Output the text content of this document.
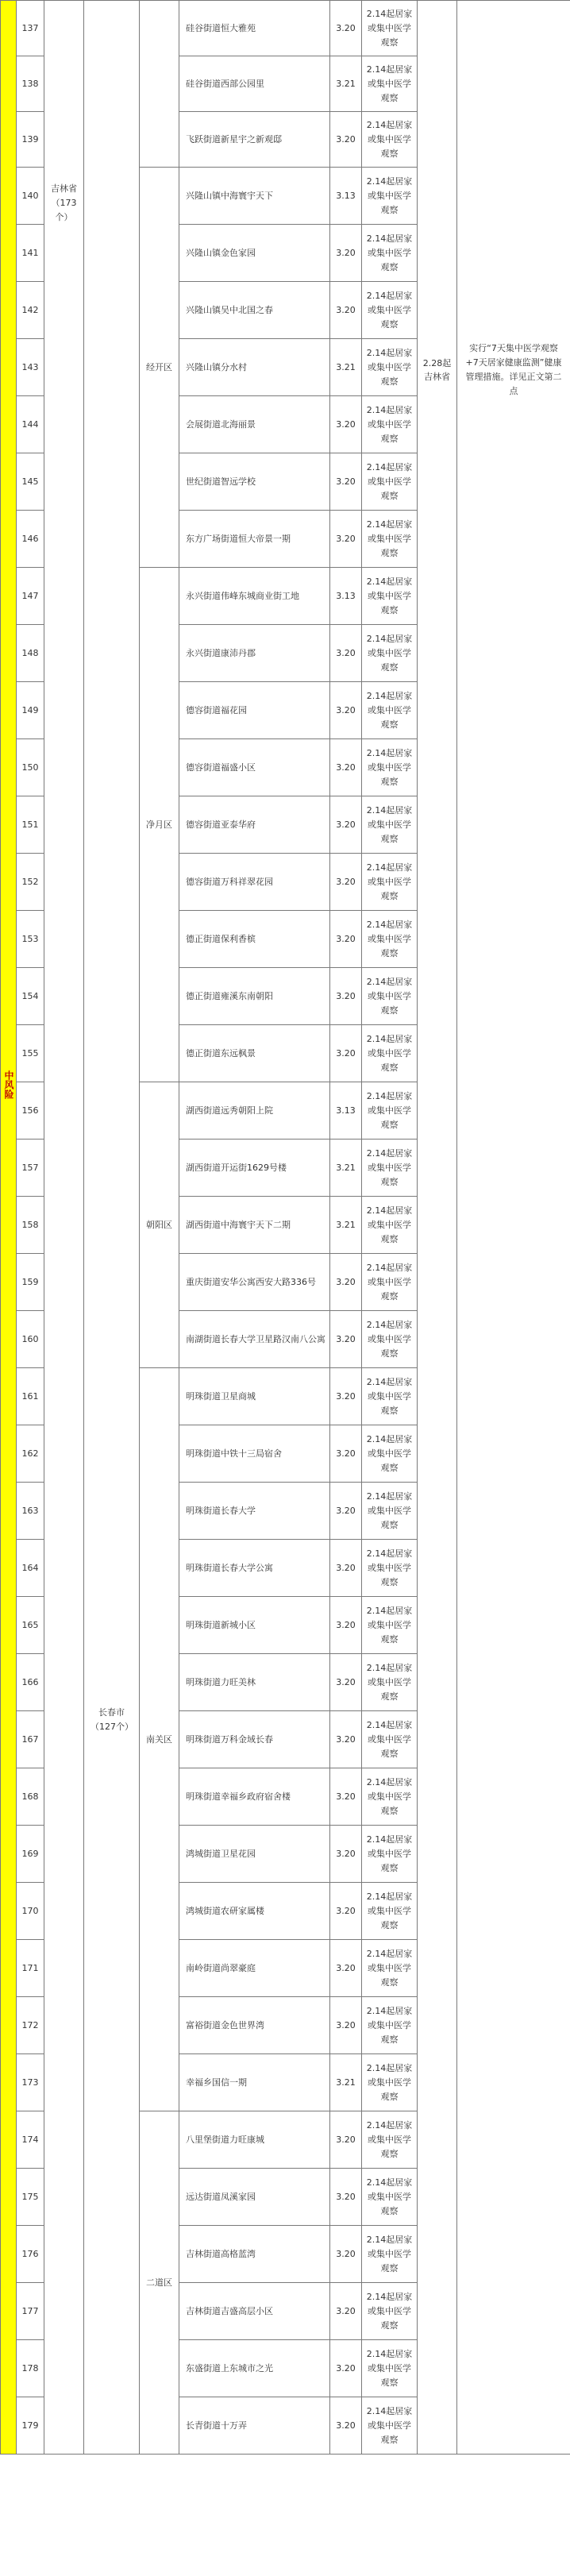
中风险	137	吉林省（173个）	长春市（127个）		硅谷街道恒大雅苑	3.20	2.14起居家或集中医学观察	2.28起吉林省	实行“7天集中医学观察+7天居家健康监测”健康管理措施。详见正文第二点

	138				硅谷街道西部公园里	3.21	2.14起居家或集中医学观察		
	139				飞跃街道新星宇之新观邸	3.20	2.14起居家或集中医学观察		
	140			经开区	兴隆山镇中海寰宇天下	3.13	2.14起居家或集中医学观察		
	141				兴隆山镇金色家园	3.20	2.14起居家或集中医学观察		
	142				兴隆山镇吴中北国之春	3.20	2.14起居家或集中医学观察		
	143				兴隆山镇分水村	3.21	2.14起居家或集中医学观察		
	144				会展街道北海丽景	3.20	2.14起居家或集中医学观察		
	145				世纪街道智远学校	3.20	2.14起居家或集中医学观察		
	146				东方广场街道恒大帝景一期	3.20	2.14起居家或集中医学观察		
	147			净月区	永兴街道伟峰东城商业街工地	3.13	2.14起居家或集中医学观察		
	148				永兴街道康沛丹郡	3.20	2.14起居家或集中医学观察		
	149				德容街道福花园	3.20	2.14起居家或集中医学观察		
	150				德容街道福盛小区	3.20	2.14起居家或集中医学观察		
	151				德容街道亚泰华府	3.20	2.14起居家或集中医学观察		
	152				德容街道万科祥翠花园	3.20	2.14起居家或集中医学观察		
	153				德正街道保利香槟	3.20	2.14起居家或集中医学观察		
	154				德正街道雍溪东南朝阳	3.20	2.14起居家或集中医学观察		
	155				德正街道东远枫景	3.20	2.14起居家或集中医学观察		
	156			朝阳区	湖西街道远秀朝阳上院	3.13	2.14起居家或集中医学观察		
	157				湖西街道开运街1629号楼	3.21	2.14起居家或集中医学观察		
	158				湖西街道中海寰宇天下二期	3.21	2.14起居家或集中医学观察		
	159				重庆街道安华公寓西安大路336号	3.20	2.14起居家或集中医学观察		
	160				南湖街道长春大学卫星路汉南八公寓	3.20	2.14起居家或集中医学观察		
	161			南关区	明珠街道卫星商城	3.20	2.14起居家或集中医学观察		
	162				明珠街道中铁十三局宿舍	3.20	2.14起居家或集中医学观察		
	163				明珠街道长春大学	3.20	2.14起居家或集中医学观察		
	164				明珠街道长春大学公寓	3.20	2.14起居家或集中医学观察		
	165				明珠街道新城小区	3.20	2.14起居家或集中医学观察		
	166				明珠街道力旺美林	3.20	2.14起居家或集中医学观察		
	167				明珠街道万科金域长春	3.20	2.14起居家或集中医学观察		
	168				明珠街道幸福乡政府宿舍楼	3.20	2.14起居家或集中医学观察		
	169				鸿城街道卫星花园	3.20	2.14起居家或集中医学观察		
	170				鸿城街道农研家属楼	3.20	2.14起居家或集中医学观察		
	171				南岭街道尚翠豪庭	3.20	2.14起居家或集中医学观察		
	172				富裕街道金色世界湾	3.20	2.14起居家或集中医学观察		
	173				幸福乡国信一期	3.21	2.14起居家或集中医学观察		
	174			二道区	八里堡街道力旺康城	3.20	2.14起居家或集中医学观察		
	175				远达街道凤溪家园	3.20	2.14起居家或集中医学观察		
	176				吉林街道高格蓝湾	3.20	2.14起居家或集中医学观察		
	177				吉林街道吉盛高层小区	3.20	2.14起居家或集中医学观察		
	178				东盛街道上东城市之光	3.20	2.14起居家或集中医学观察		
	179				长青街道十万弄	3.20	2.14起居家或集中医学观察		
